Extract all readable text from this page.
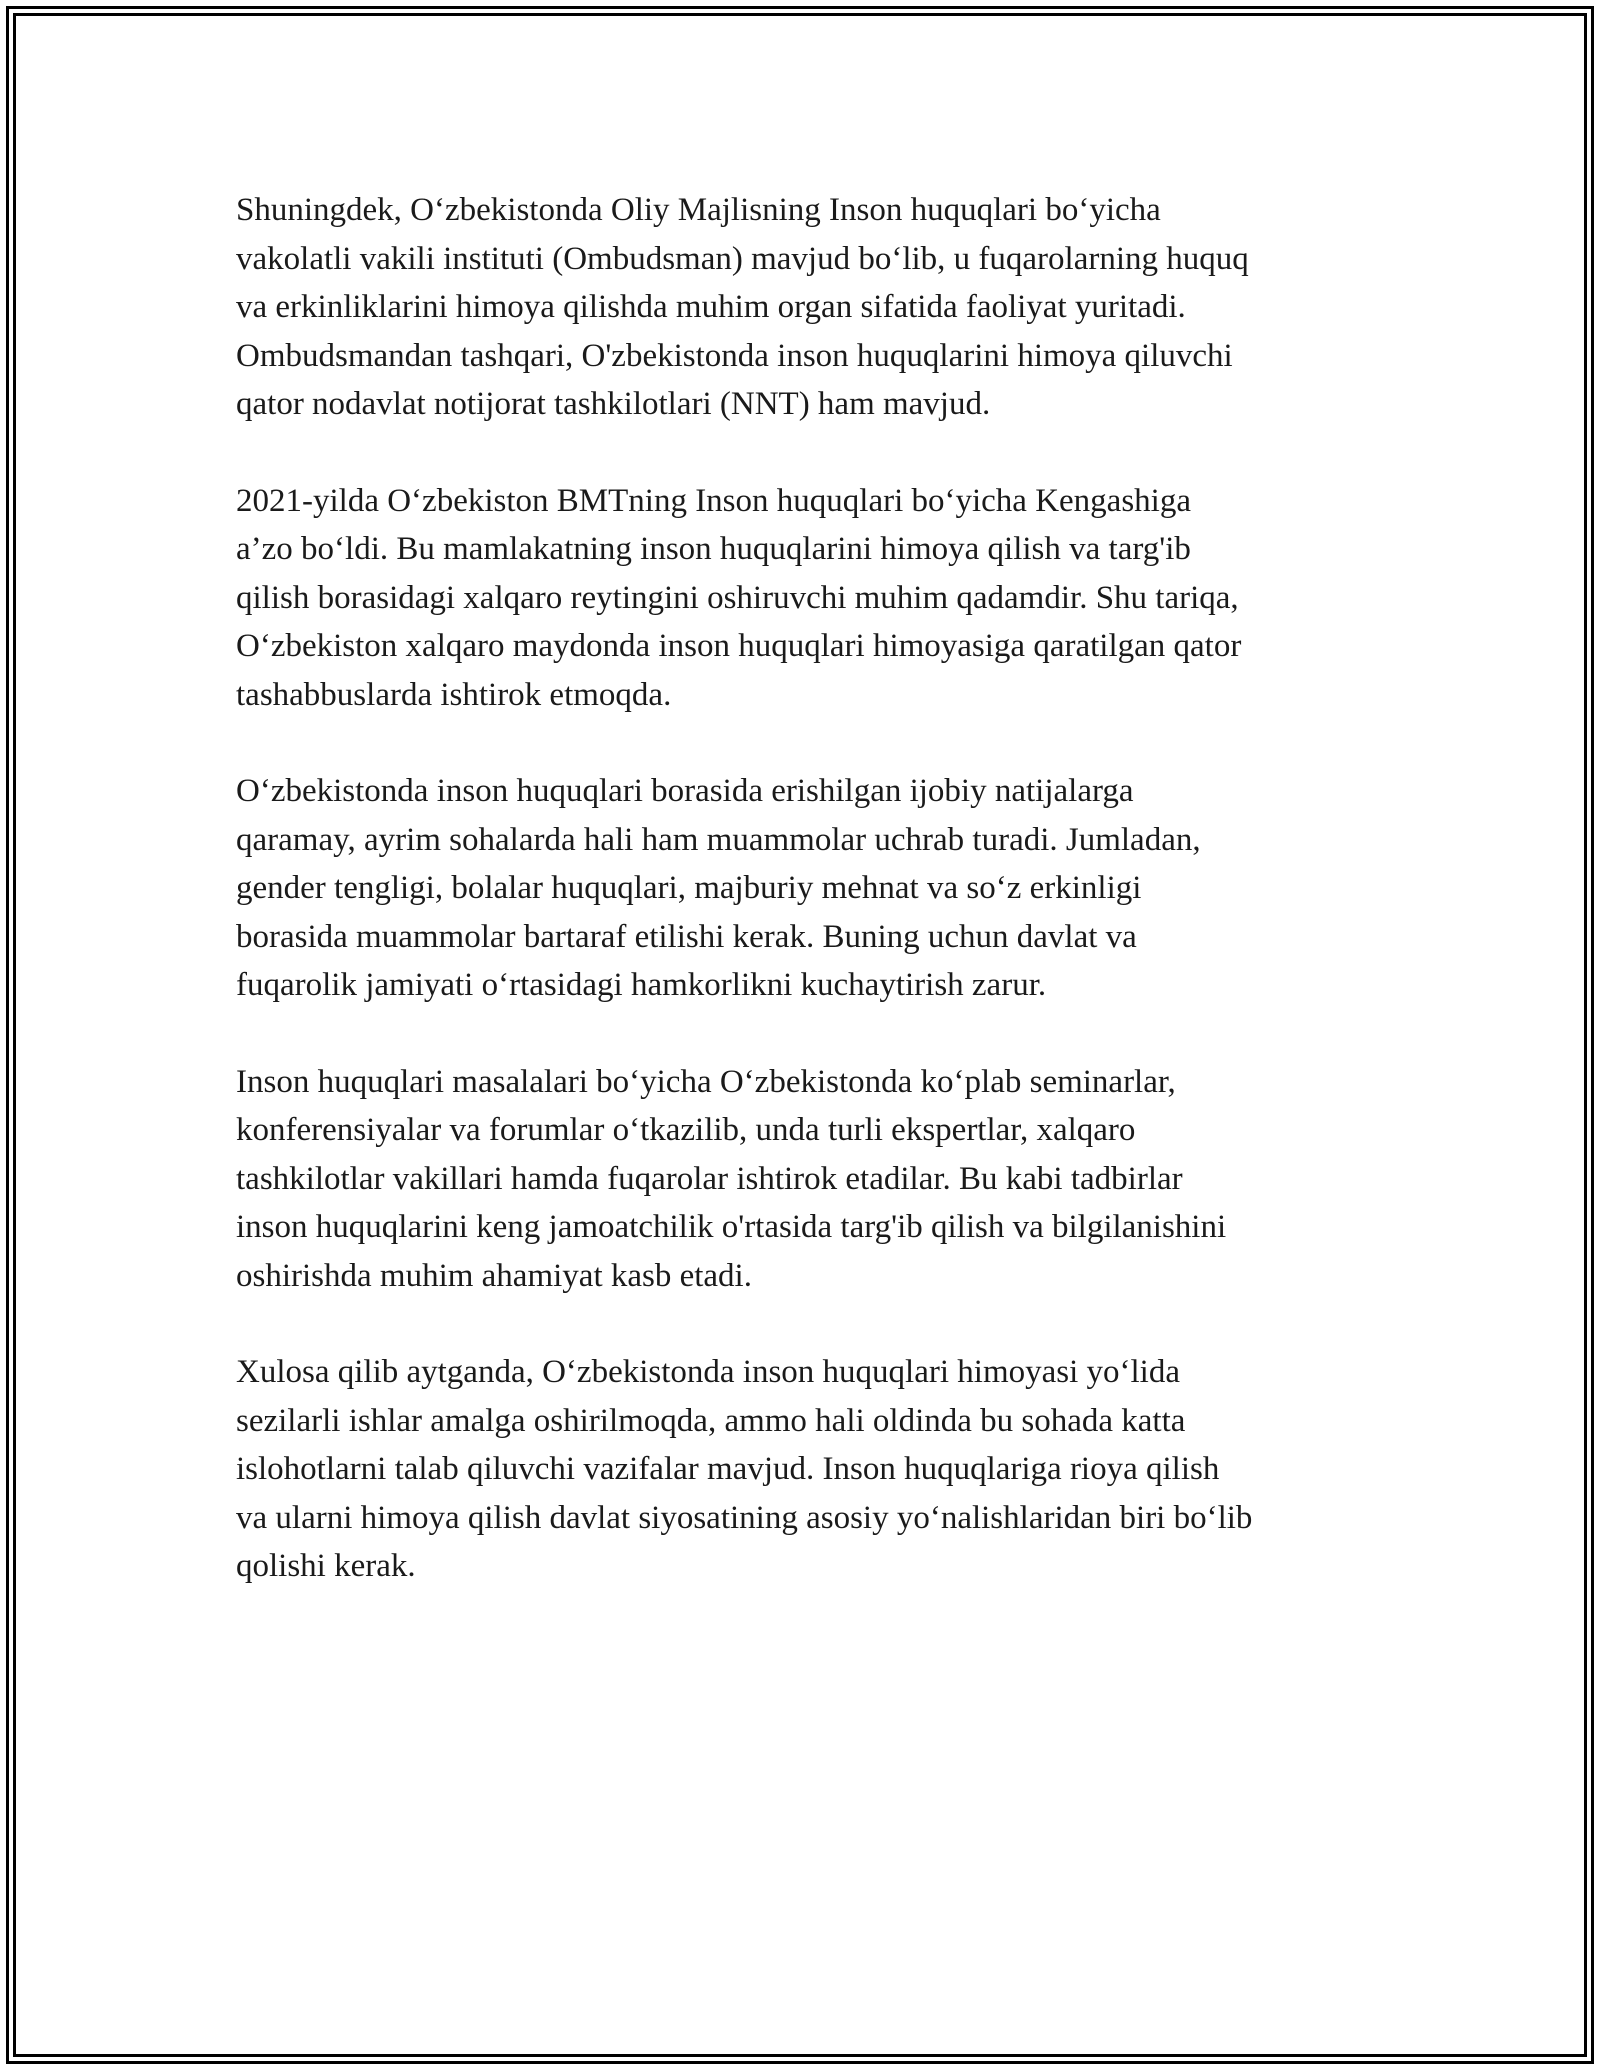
Shuningdek, Oʻzbekistonda Oliy Majlisning Inson huquqlari boʻyicha
vakolatli vakili instituti (Ombudsman) mavjud boʻlib, u fuqarolarning huquq
va erkinliklarini himoya qilishda muhim organ sifatida faoliyat yuritadi.
Ombudsmandan tashqari, O'zbekistonda inson huquqlarini himoya qiluvchi
qator nodavlat notijorat tashkilotlari (NNT) ham mavjud.

2021-yilda Oʻzbekiston BMTning Inson huquqlari boʻyicha Kengashiga
a’zo boʻldi. Bu mamlakatning inson huquqlarini himoya qilish va targ'ib
qilish borasidagi xalqaro reytingini oshiruvchi muhim qadamdir. Shu tariqa,
Oʻzbekiston xalqaro maydonda inson huquqlari himoyasiga qaratilgan qator
tashabbuslarda ishtirok etmoqda.

Oʻzbekistonda inson huquqlari borasida erishilgan ijobiy natijalarga
qaramay, ayrim sohalarda hali ham muammolar uchrab turadi. Jumladan,
gender tengligi, bolalar huquqlari, majburiy mehnat va soʻz erkinligi
borasida muammolar bartaraf etilishi kerak. Buning uchun davlat va
fuqarolik jamiyati oʻrtasidagi hamkorlikni kuchaytirish zarur.

Inson huquqlari masalalari boʻyicha Oʻzbekistonda koʻplab seminarlar,
konferensiyalar va forumlar oʻtkazilib, unda turli ekspertlar, xalqaro
tashkilotlar vakillari hamda fuqarolar ishtirok etadilar. Bu kabi tadbirlar
inson huquqlarini keng jamoatchilik o'rtasida targ'ib qilish va bilgilanishini
oshirishda muhim ahamiyat kasb etadi.

Xulosa qilib aytganda, Oʻzbekistonda inson huquqlari himoyasi yoʻlida
sezilarli ishlar amalga oshirilmoqda, ammo hali oldinda bu sohada katta
islohotlarni talab qiluvchi vazifalar mavjud. Inson huquqlariga rioya qilish
va ularni himoya qilish davlat siyosatining asosiy yoʻnalishlaridan biri boʻlib
qolishi kerak.
